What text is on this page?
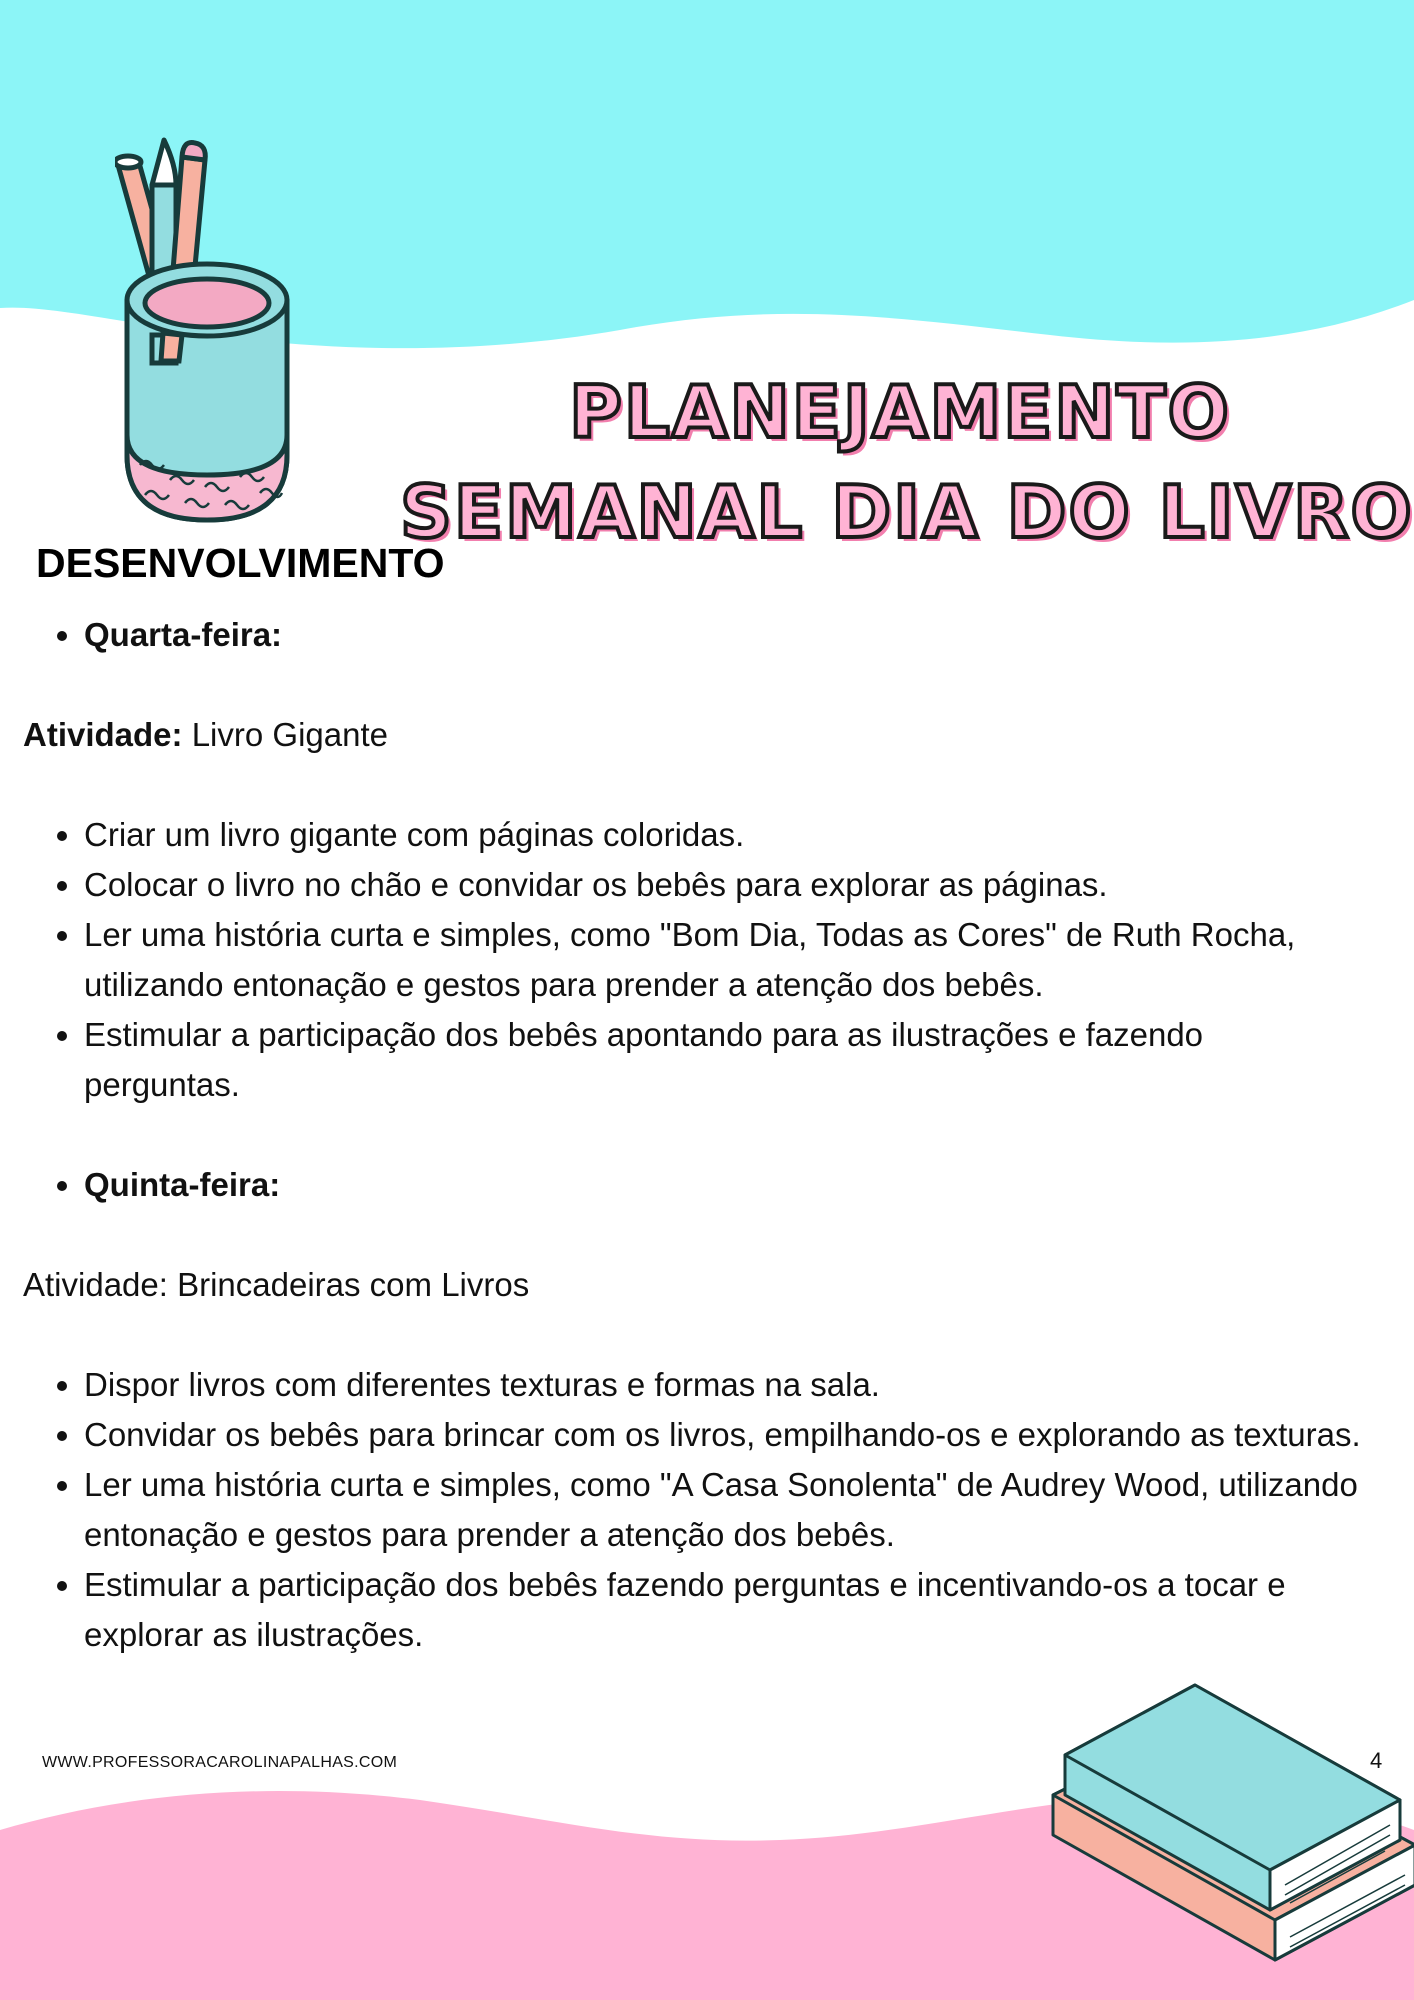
PLANEJAMENTO
SEMANAL DIA DO LIVRO
DESENVOLVIMENTO
• Quarta-feira:

Atividade: Livro Gigante

• Criar um livro gigante com páginas coloridas.
• Colocar o livro no chão e convidar os bebês para explorar as páginas.
• Ler uma história curta e simples, como "Bom Dia, Todas as Cores" de Ruth Rocha, utilizando entonação e gestos para prender a atenção dos bebês.
• Estimular a participação dos bebês apontando para as ilustrações e fazendo perguntas.
• Quinta-feira:

Atividade: Brincadeiras com Livros

• Dispor livros com diferentes texturas e formas na sala.
• Convidar os bebês para brincar com os livros, empilhando-os e explorando as texturas.
• Ler uma história curta e simples, como "A Casa Sonolenta" de Audrey Wood, utilizando entonação e gestos para prender a atenção dos bebês.
• Estimular a participação dos bebês fazendo perguntas e incentivando-os a tocar e explorar as ilustrações.
WWW.PROFESSORACAROLINAPALHAS.COM	4
